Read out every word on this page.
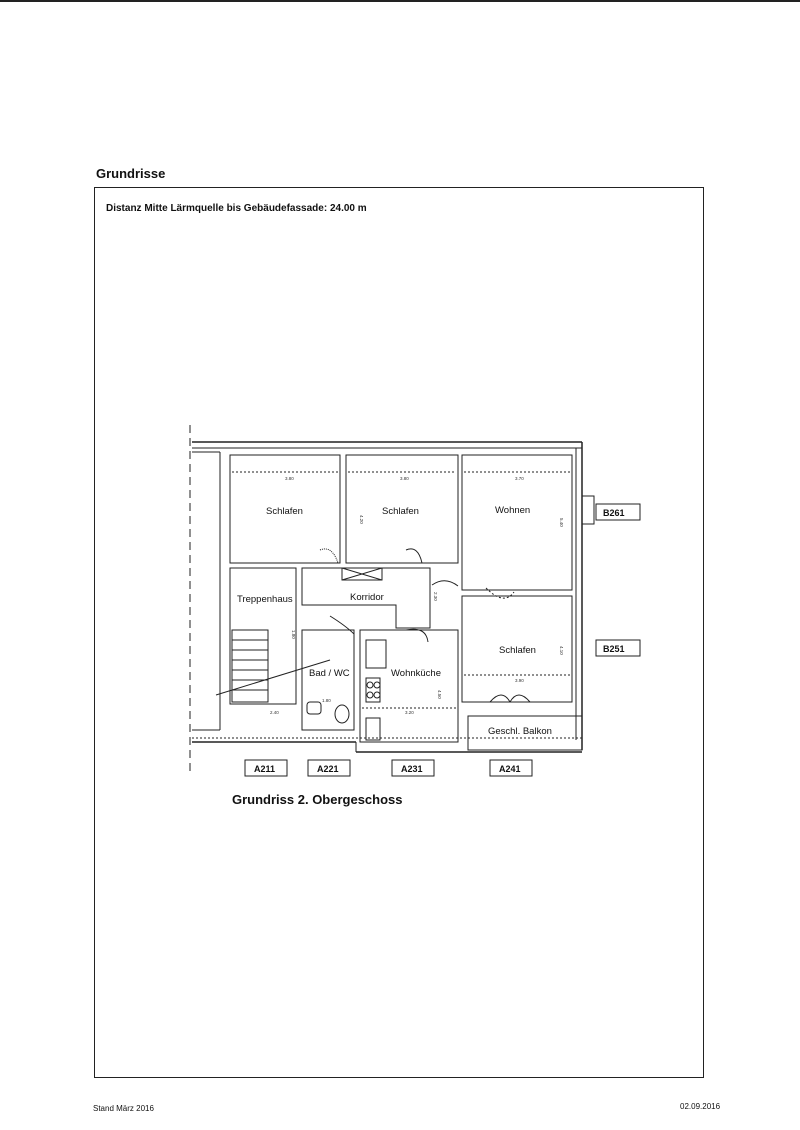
Grundrisse
Distanz Mitte Lärmquelle bis Gebäudefassade: 24.00 m
3.80	3.80	3.70
4.20	5.40
2.30
4.10
3.90
2.40
1.80
3.20
4.50
1.80
Schlafen	Schlafen	Wohnen
Treppenhaus	Korridor
Bad / WC	Wohnküche
Schlafen
Geschl. Balkon
B261
B251
A211	A221	A231	A241
Grundriss 2. Obergeschoss
Stand März 2016	02.09.2016
